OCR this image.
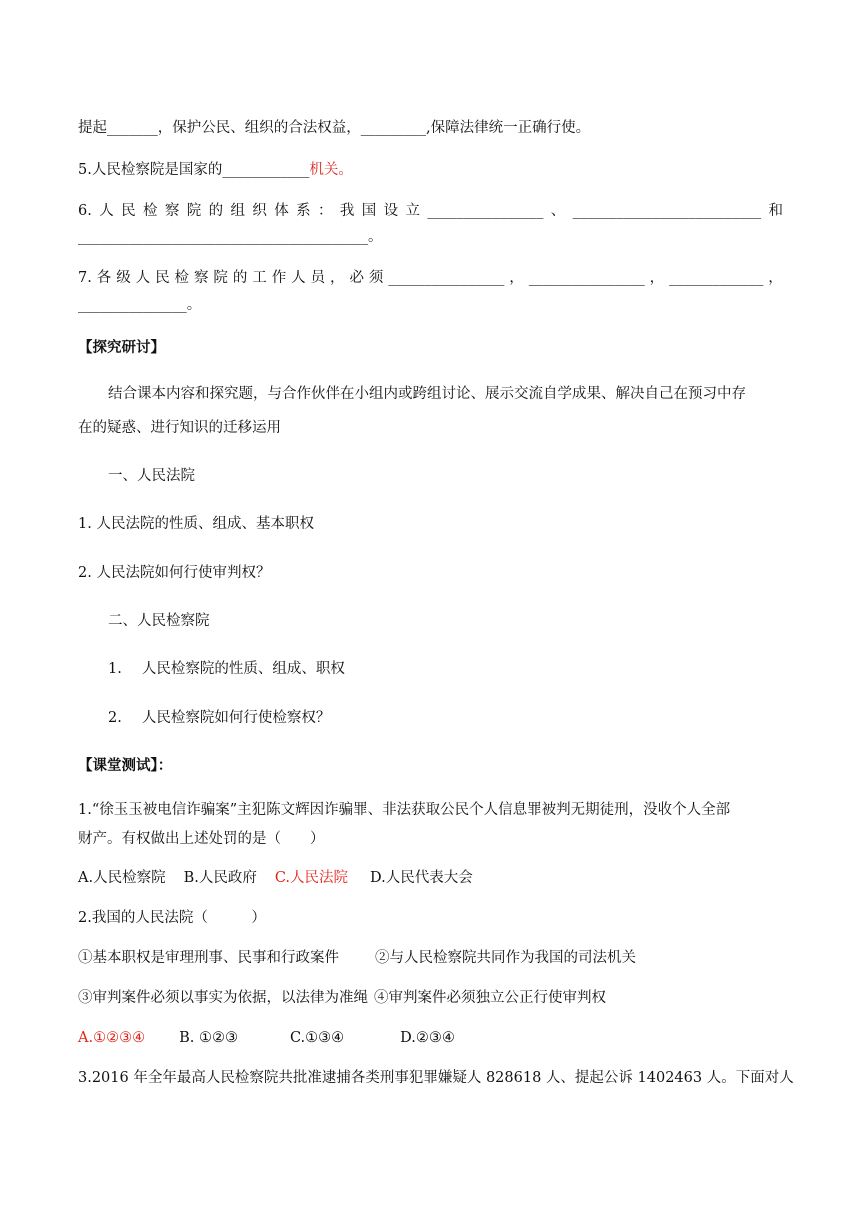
提起_______，保护公民、组织的合法权益，_________,保障法律统一正确行使。
5.人民检察院是国家的____________机关。
6. 人 民 检 察 院 的 组 织 体 系 ： 我 国 设 立 ________________ 、 __________________________ 和
________________________________________。
7. 各 级 人 民 检 察 院 的 工 作 人 员 ， 必 须 ________________ ， ________________ ， _____________ ，
_______________。
【探究研讨】
结合课本内容和探究题，与合作伙伴在小组内或跨组讨论、展示交流自学成果、解决自己在预习中存
在的疑惑、进行知识的迁移运用
一、人民法院
1. 人民法院的性质、组成、基本职权
2. 人民法院如何行使审判权？
二、人民检察院
1. 人民检察院的性质、组成、职权
2. 人民检察院如何行使检察权？
【课堂测试】：
1.“徐玉玉被电信诈骗案”主犯陈文辉因诈骗罪、非法获取公民个人信息罪被判无期徒刑，没收个人全部
财产。有权做出上述处罚的是（　　）
A.人民检察院 B.人民政府 C.人民法院 D.人民代表大会
2.我国的人民法院（　　　）
①基本职权是审理刑事、民事和行政案件 ②与人民检察院共同作为我国的司法机关
③审判案件必须以事实为依据，以法律为准绳 ④审判案件必须独立公正行使审判权
A.①②③④ B. ①②③	C.①③④	D.②③④
3.2016 年全年最高人民检察院共批准逮捕各类刑事犯罪嫌疑人 828618 人、提起公诉 1402463 人。下面对人
